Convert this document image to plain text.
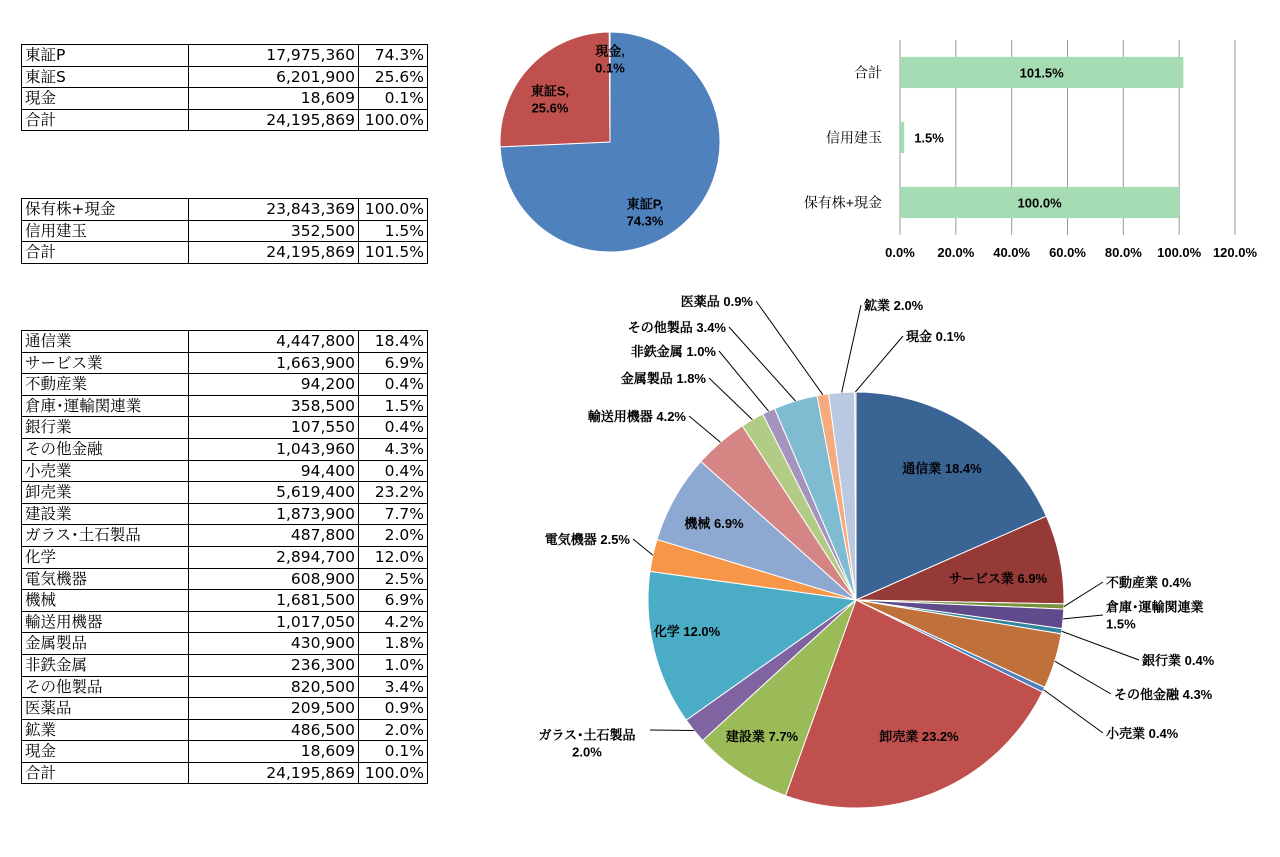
東証P	17,975,360	74.3%
東証S	6,201,900	25.6%
現金	18,609	0.1%
合計	24,195,869	100.0%
保有株+現金	23,843,369	100.0%
信用建玉	352,500	1.5%
合計	24,195,869	101.5%
通信業	4,447,800	18.4%
サービス業	1,663,900	6.9%
不動産業	94,200	0.4%
倉庫･運輸関連業	358,500	1.5%
銀行業	107,550	0.4%
その他金融	1,043,960	4.3%
小売業	94,400	0.4%
卸売業	5,619,400	23.2%
建設業	1,873,900	7.7%
ガラス･土石製品	487,800	2.0%
化学	2,894,700	12.0%
電気機器	608,900	2.5%
機械	1,681,500	6.9%
輸送用機器	1,017,050	4.2%
金属製品	430,900	1.8%
非鉄金属	236,300	1.0%
その他製品	820,500	3.4%
医薬品	209,500	0.9%
鉱業	486,500	2.0%
現金	18,609	0.1%
合計	24,195,869	100.0%
東証P, 74.3%
東証S, 25.6%
現金, 0.1%
0.0% 20.0% 40.0% 60.0% 80.0% 100.0% 120.0%
合計	101.5%
信用建玉 1.5%
保有株+現金	100.0%
通信業 18.4%
サービス業 6.9%	不動産業 0.4%
倉庫･運輸関連業 1.5%
銀行業 0.4%
その他金融 4.3%
小売業 0.4%
卸売業 23.2%
建設業 7.7%
ガラス･土石製品 2.0%
化学 12.0%
電気機器 2.5%
機械 6.9%
輸送用機器 4.2%
金属製品 1.8%
非鉄金属 1.0%
その他製品 3.4%
医薬品 0.9%	鉱業 2.0%
現金 0.1%
